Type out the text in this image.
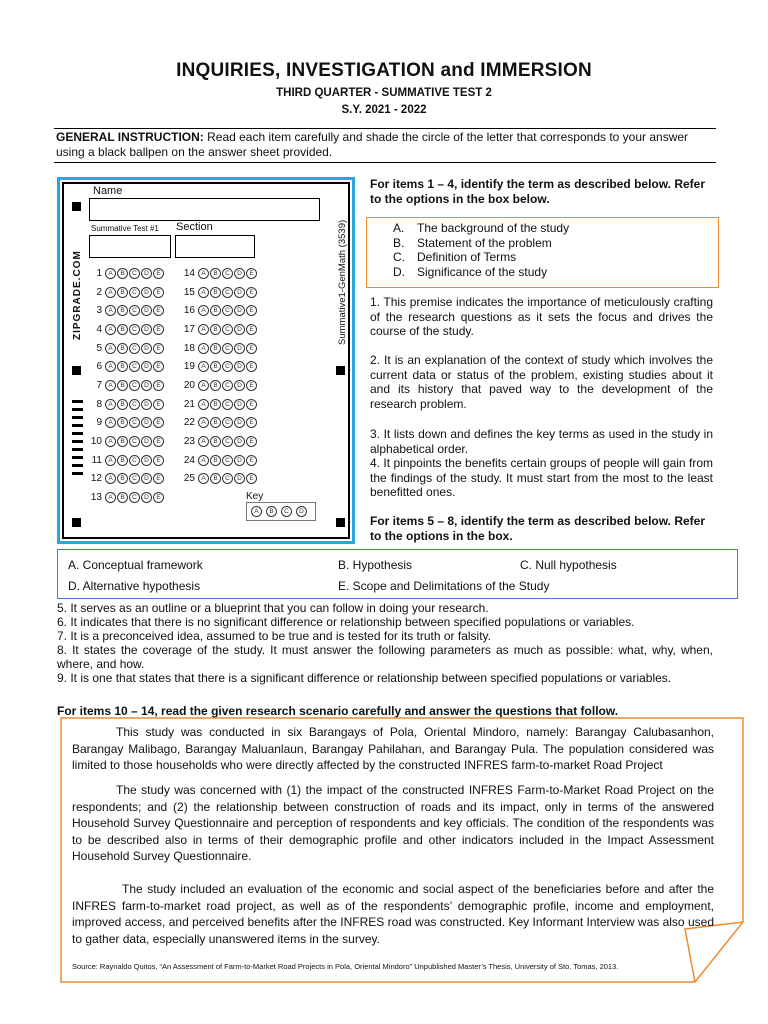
INQUIRIES, INVESTIGATION and IMMERSION
THIRD QUARTER - SUMMATIVE TEST 2
S.Y. 2021 - 2022
GENERAL INSTRUCTION: Read each item carefully and shade the circle of the letter that corresponds to your answer using a black ballpen on the answer sheet provided.
Name
Summative Test #1 Section
ZIPGRADE.COM	Summative1-GenMath (3539)
1 A	B	C	D	E
2 A	B	C	D	E
3 A	B	C	D	E
4 A	B	C	D	E
5 A	B	C	D	E
6 A	B	C	D	E
7 A	B	C	D	E
8 A	B	C	D	E
9 A	B	C	D	E
10 A	B	C	D	E
11 A	B	C	D	E
12 A	B	C	D	E
13 A	B	C	D	E
14 A	B	C	D	E
15 A	B	C	D	E
16 A	B	C	D	E
17 A	B	C	D	E
18 A	B	C	D	E
19 A	B	C	D	E
20 A	B	C	D	E
21 A	B	C	D	E
22 A	B	C	D	E
23 A	B	C	D	E
24 A	B	C	D	E
25 A	B	C	D	E
Key
A	B	C	D
For items 1 – 4, identify the term as described below. Refer to the options in the box below.
A.	The background of the study
B.	Statement of the problem
C.	Definition of Terms
D.	Significance of the study
1. This premise indicates the importance of meticulously crafting of the research questions as it sets the focus and drives the course of the study.
2. It is an explanation of the context of study which involves the current data or status of the problem, existing studies about it and its history that paved way to the development of the research problem.
3. It lists down and defines the key terms as used in the study in alphabetical order.
4. It pinpoints the benefits certain groups of people will gain from the findings of the study. It must start from the most to the least benefitted ones.
For items 5 – 8, identify the term as described below. Refer to the options in the box.
A. Conceptual framework	B. Hypothesis	C. Null hypothesis
D. Alternative hypothesis	E. Scope and Delimitations of the Study
5. It serves as an outline or a blueprint that you can follow in doing your research.
6. It indicates that there is no significant difference or relationship between specified populations or variables.
7. It is a preconceived idea, assumed to be true and is tested for its truth or falsity.
8. It states the coverage of the study. It must answer the following parameters as much as possible: what, why, when, where, and how.
9. It is one that states that there is a significant difference or relationship between specified populations or variables.
For items 10 – 14, read the given research scenario carefully and answer the questions that follow.
This study was conducted in six Barangays of Pola, Oriental Mindoro, namely: Barangay Calubasanhon, Barangay Malibago, Barangay Maluanlaun, Barangay Pahilahan, and Barangay Pula. The population considered was limited to those households who were directly affected by the constructed INFRES farm-to-market Road Project
The study was concerned with (1) the impact of the constructed INFRES Farm-to-Market Road Project on the respondents; and (2) the relationship between construction of roads and its impact, only in terms of the answered Household Survey Questionnaire and perception of respondents and key officials. The condition of the respondents was to be described also in terms of their demographic profile and other indicators included in the Impact Assessment Household Survey Questionnaire.
The study included an evaluation of the economic and social aspect of the beneficiaries before and after the INFRES farm-to-market road project, as well as of the respondents’ demographic profile, income and employment, improved access, and perceived benefits after the INFRES road was constructed. Key Informant Interview was also used to gather data, especially unanswered items in the survey.
Source: Raynaldo Quitos, “An Assessment of Farm-to-Market Road Projects in Pola, Oriental Mindoro” Unpublished Master’s Thesis, University of Sto. Tomas, 2013.
